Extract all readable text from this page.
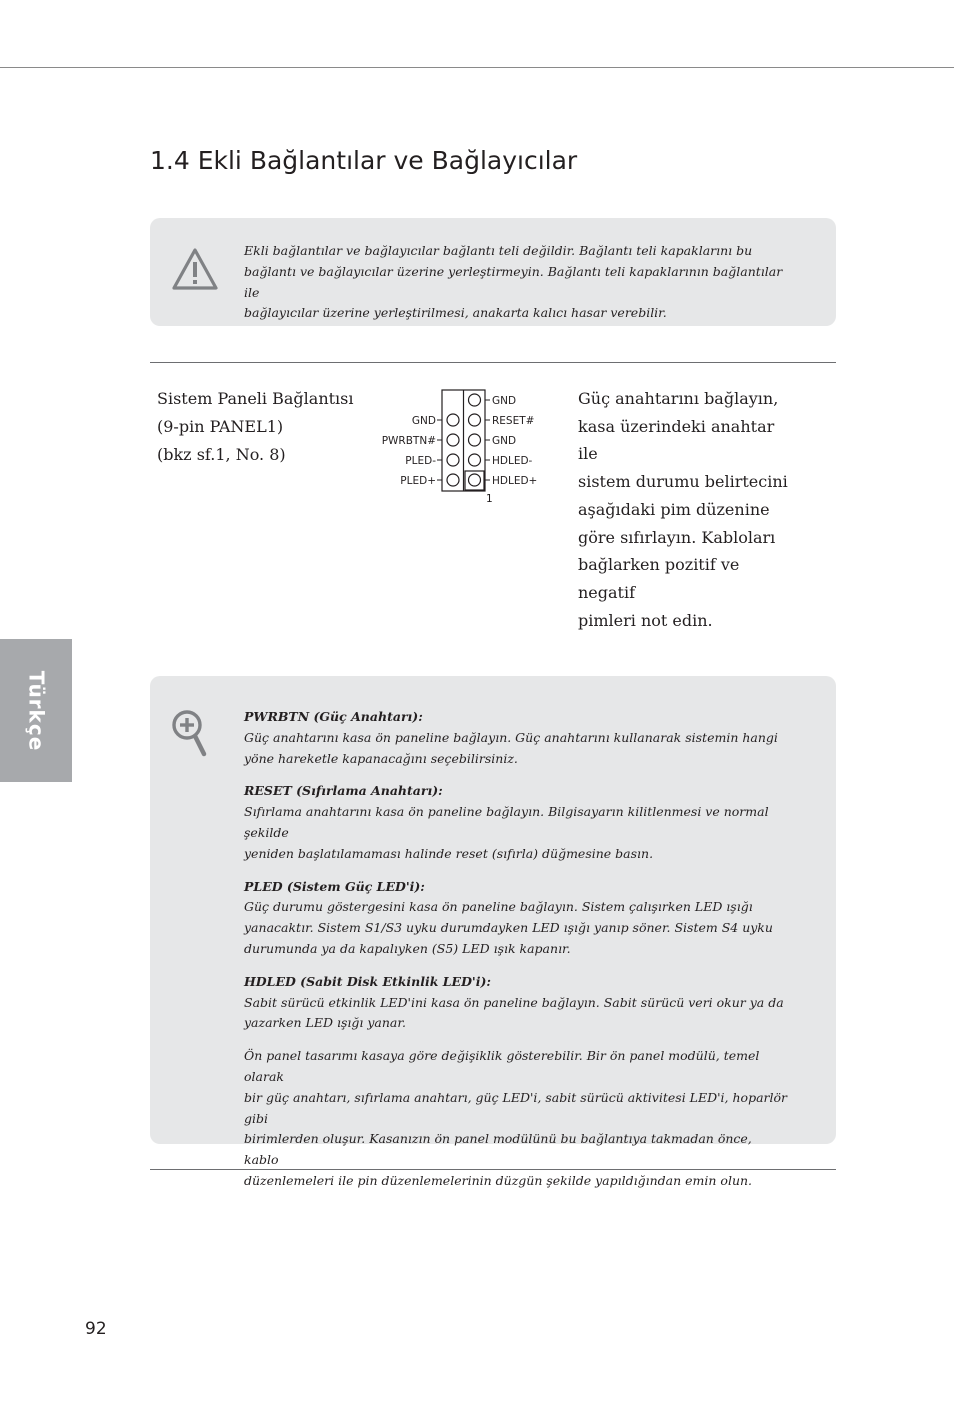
Türkçe
1.4 Ekli Bağlantılar ve Bağlayıcılar
Ekli bağlantılar ve bağlayıcılar bağlantı teli değildir. Bağlantı teli kapaklarını bu
bağlantı ve bağlayıcılar üzerine yerleştirmeyin. Bağlantı teli kapaklarının bağlantılar ile
bağlayıcılar üzerine yerleştirilmesi, anakarta kalıcı hasar verebilir.
Sistem Paneli Bağlantısı
(9-pin PANEL1)
(bkz sf.1, No. 8)
GND
RESET#
GND
HDLED-
HDLED+
GND
PWRBTN#
PLED-
PLED+
1
Güç anahtarını bağlayın,
kasa üzerindeki anahtar ile
sistem durumu belirtecini
aşağıdaki pim düzenine
göre sıfırlayın. Kabloları
bağlarken pozitif ve negatif
pimleri not edin.
PWRBTN (Güç Anahtarı):
Güç anahtarını kasa ön paneline bağlayın. Güç anahtarını kullanarak sistemin hangi
yöne hareketle kapanacağını seçebilirsiniz.
RESET (Sıfırlama Anahtarı):
Sıfırlama anahtarını kasa ön paneline bağlayın. Bilgisayarın kilitlenmesi ve normal şekilde
yeniden başlatılamaması halinde reset (sıfırla) düğmesine basın.
PLED (Sistem Güç LED'i):
Güç durumu göstergesini kasa ön paneline bağlayın. Sistem çalışırken LED ışığı
yanacaktır. Sistem S1/S3 uyku durumdayken LED ışığı yanıp söner. Sistem S4 uyku
durumunda ya da kapalıyken (S5) LED ışık kapanır.
HDLED (Sabit Disk Etkinlik LED'i):
Sabit sürücü etkinlik LED'ini kasa ön paneline bağlayın. Sabit sürücü veri okur ya da
yazarken LED ışığı yanar.
Ön panel tasarımı kasaya göre değişiklik gösterebilir. Bir ön panel modülü, temel olarak
bir güç anahtarı, sıfırlama anahtarı, güç LED'i, sabit sürücü aktivitesi LED'i, hoparlör gibi
birimlerden oluşur. Kasanızın ön panel modülünü bu bağlantıya takmadan önce, kablo
düzenlemeleri ile pin düzenlemelerinin düzgün şekilde yapıldığından emin olun.
92
